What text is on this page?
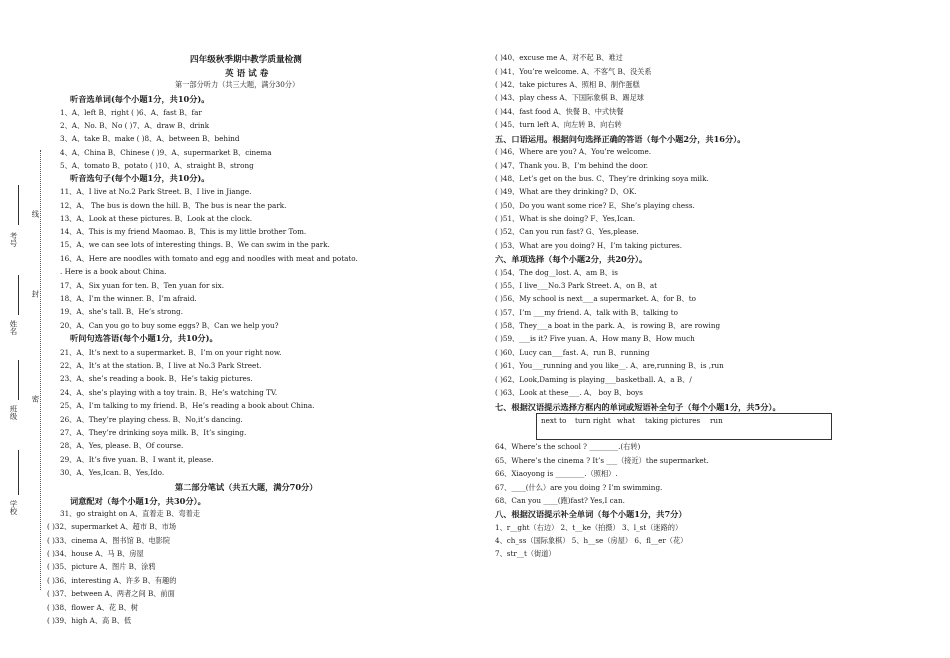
线
封
密
考号
姓名
班级
学校
四年级秋季期中教学质量检测
英 语 试 卷
第一部分听力（共三大题，满分30分）
听音选单词(每个小题1分，共10分)。
1、A、left B、right ( )6、A、fast B、far
2、A、No. B、No ( )7、A、draw B、drink
3、A、take B、make ( )8、A、between B、behind
4、A、China B、Chinese ( )9、A、supermarket B、cinema
5、A、tomato B、potato ( )10、A、straight B、strong
听音选句子(每个小题1分，共10分)。
11、A、I live at No.2 Park Street. B、I live in Jiange.
12、A、 The bus is down the hill. B、The bus is near the park.
13、A、Look at these pictures. B、Look at the clock.
14、A、This is my friend Maomao. B、This is my little brother Tom.
15、A、we can see lots of interesting things. B、We can swim in the park.
16、A、Here are noodles with tomato and egg and noodles with meat and potato.
. Here is a book about China.
17、A、Six yuan for ten. B、Ten yuan for six.
18、A、I’m the winner. B、I’m afraid.
19、A、she’s tall. B、He’s strong.
20、A、Can you go to buy some eggs? B、Can we help you?
听问句选答语(每个小题1分，共10分)。
21、A、It’s next to a supermarket. B、I’m on your right now.
22、A、It’s at the station. B、I live at No.3 Park Street.
23、A、she’s reading a book. B、He’s takig pictures.
24、A、she’s playing with a toy train. B、He’s watching TV.
25、A、I’m talking to my friend. B、He’s reading a book about China.
26、A、They’re playing chess. B、No,it’s dancing.
27、A、They’re drinking soya milk. B、It’s singing.
28、A、Yes, please. B、Of course.
29、A、It’s five yuan. B、I want it, please.
30、A、Yes,Ican. B、Yes,Ido.
第二部分笔试（共五大题，满分70分）
词意配对（每个小题1分，共30分）。
31、go straight on A、直着走 B、弯着走
( )32、supermarket A、超市 B、市场
( )33、cinema A、图书馆 B、电影院
( )34、house A、马 B、房屋
( )35、picture A、图片 B、涂鸦
( )36、interesting A、许多 B、有趣的
( )37、between A、两者之间 B、前面
( )38、flower A、花 B、树
( )39、high A、高 B、低
( )40、excuse me A、对不起 B、难过
( )41、You’re welcome. A、不客气 B、没关系
( )42、take pictures A、照相 B、制作蛋糕
( )43、play chess A、下国际象棋 B、踢足球
( )44、fast food A、快餐 B、中式快餐
( )45、turn left A、向左转 B、向右转
五、口语运用。根据问句选择正确的答语（每个小题2分，共16分）。
( )46、Where are you? A、You’re welcome.
( )47、Thank you. B、I’m behind the door.
( )48、Let’s get on the bus. C、They’re drinking soya milk.
( )49、What are they drinking? D、OK.
( )50、Do you want some rice? E、She’s playing chess.
( )51、What is she doing? F、Yes,Ican.
( )52、Can you run fast? G、Yes,please.
( )53、What are you doing? H、I’m taking pictures.
六、单项选择（每个小题2分，共20分）。
( )54、The dog__lost. A、am B、is
( )55、I live___No.3 Park Street. A、on B、at
( )56、My school is next___a supermarket. A、for B、to
( )57、I’m ___my friend. A、talk with B、talking to
( )58、They___a boat in the park. A、 is rowing B、are rowing
( )59、___is it? Five yuan. A、How many B、How much
( )60、Lucy can___fast. A、run B、running
( )61、You___running and you like__. A、are,running B、is ,run
( )62、Look,Daming is playing___basketball. A、a B、/
( )63、Look at these___. A、 boy B、boys
七、根据汉语提示选择方框内的单词或短语补全句子（每个小题1分，共5分）。
next to turn right what taking pictures run
64、Where’s the school ? ________.(右转)
65、Where’s the cinema ? It’s ___（接近）the supermarket.
66、Xiaoyong is ________.（照相）.
67、____(什么）are you doing ? I’m swimming.
68、Can you ____(跑)fast? Yes,I can.
八、根据汉语提示补全单词（每个小题1分，共7分）
1、r__ght（右边） 2、t__ke（拍摄） 3、l_st（迷路的）
4、ch_ss（国际象棋） 5、h__se（房屋） 6、fl__er（花）
7、str__t（街道）
